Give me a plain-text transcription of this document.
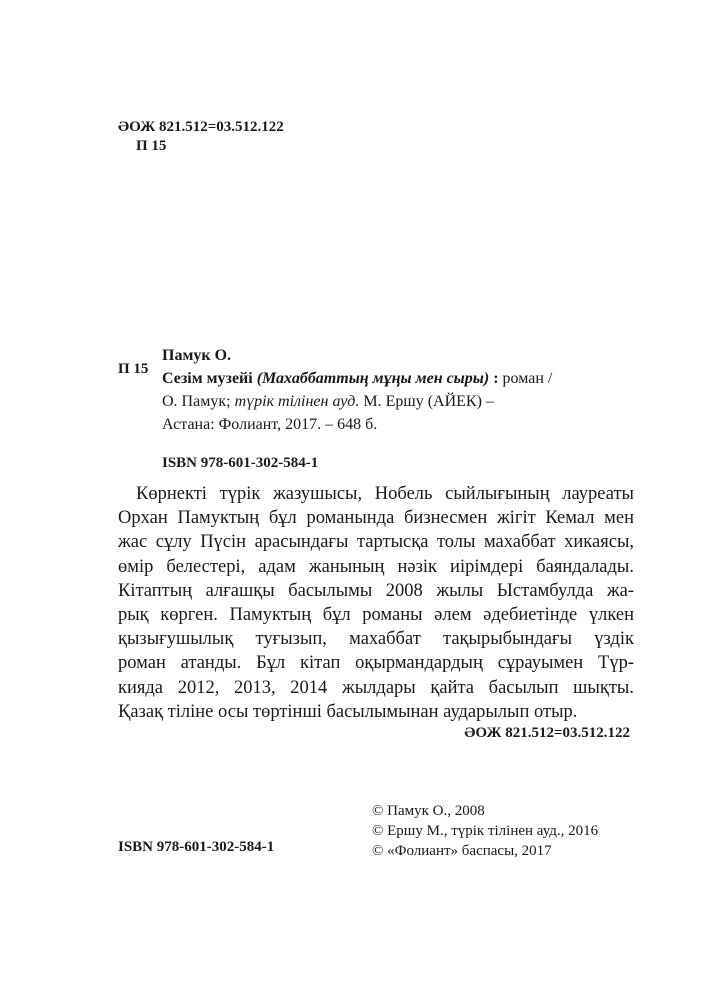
ӘОЖ 821.512=03.512.122
П 15
П 15
Памук О.
Сезім музейі (Махаббаттың мұңы мен сыры) : роман /
О. Памук; түрік тілінен ауд. М. Ершу (АЙЕК) –
Астана: Фолиант, 2017. – 648 б.
ISBN 978-601-302-584-1
Көрнекті түрік жазушысы, Нобель сыйлығының лауреаты
Орхан Памуктың бұл романында бизнесмен жігіт Кемал мен
жас сұлу Пүсін арасындағы тартысқа толы махаббат хикаясы,
өмір белестері, адам жанының нәзік иірімдері баяндалады.
Кітаптың алғашқы басылымы 2008 жылы Ыстамбулда жа-
рық көрген. Памуктың бұл романы әлем әдебиетінде үлкен
қызығушылық туғызып, махаббат тақырыбындағы үздік
роман атанды. Бұл кітап оқырмандардың сұрауымен Түр-
кияда 2012, 2013, 2014 жылдары қайта басылып шықты.
Қазақ тіліне осы төртінші басылымынан аударылып отыр.
ӘОЖ 821.512=03.512.122
ISBN 978-601-302-584-1
© Памук О., 2008
© Ершу М., түрік тілінен ауд., 2016
© «Фолиант» баспасы, 2017
